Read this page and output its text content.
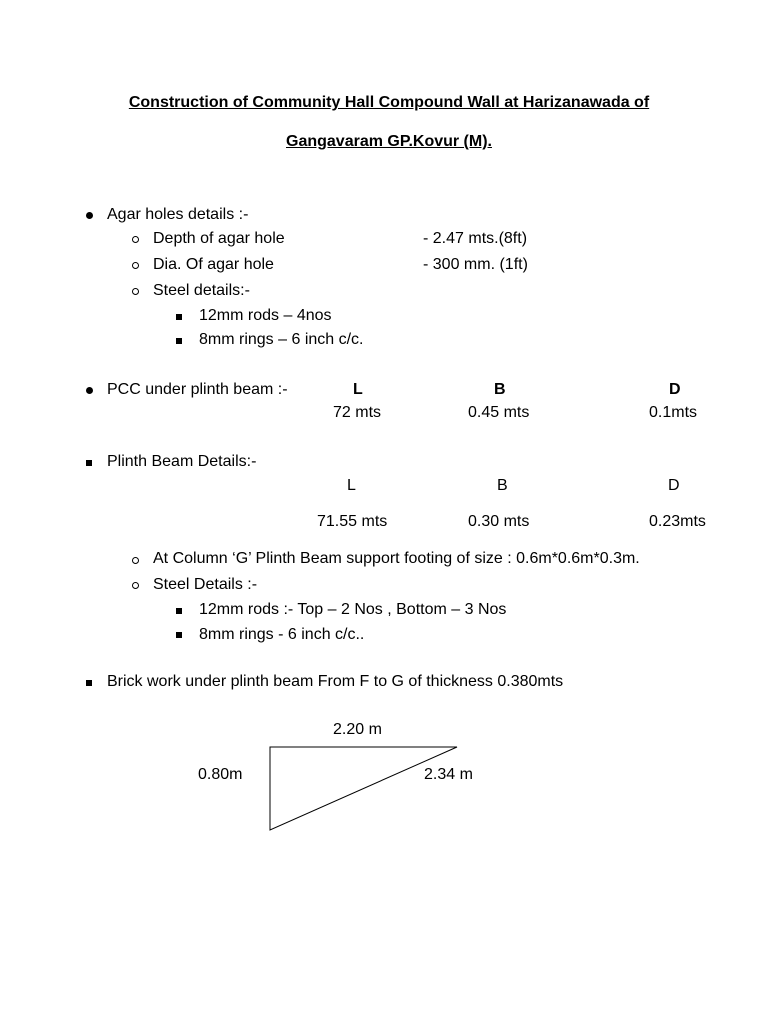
Construction of Community Hall Compound Wall at Harizanawada of
Gangavaram GP.Kovur (M).
Agar holes details :-
Depth of agar hole	- 2.47 mts.(8ft)
Dia. Of agar hole	- 300 mm. (1ft)
Steel details:-
12mm rods – 4nos
8mm rings – 6 inch c/c.
PCC under plinth beam :-	L	B	D
72 mts	0.45 mts	0.1mts
Plinth Beam Details:-
L	B	D
71.55 mts	0.30 mts	0.23mts
At Column ‘G’ Plinth Beam support footing of size : 0.6m*0.6m*0.3m.
Steel Details :-
12mm rods :- Top – 2 Nos , Bottom – 3 Nos
8mm rings - 6 inch c/c..
Brick work under plinth beam From F to G of thickness 0.380mts
2.20 m
0.80m	2.34 m
